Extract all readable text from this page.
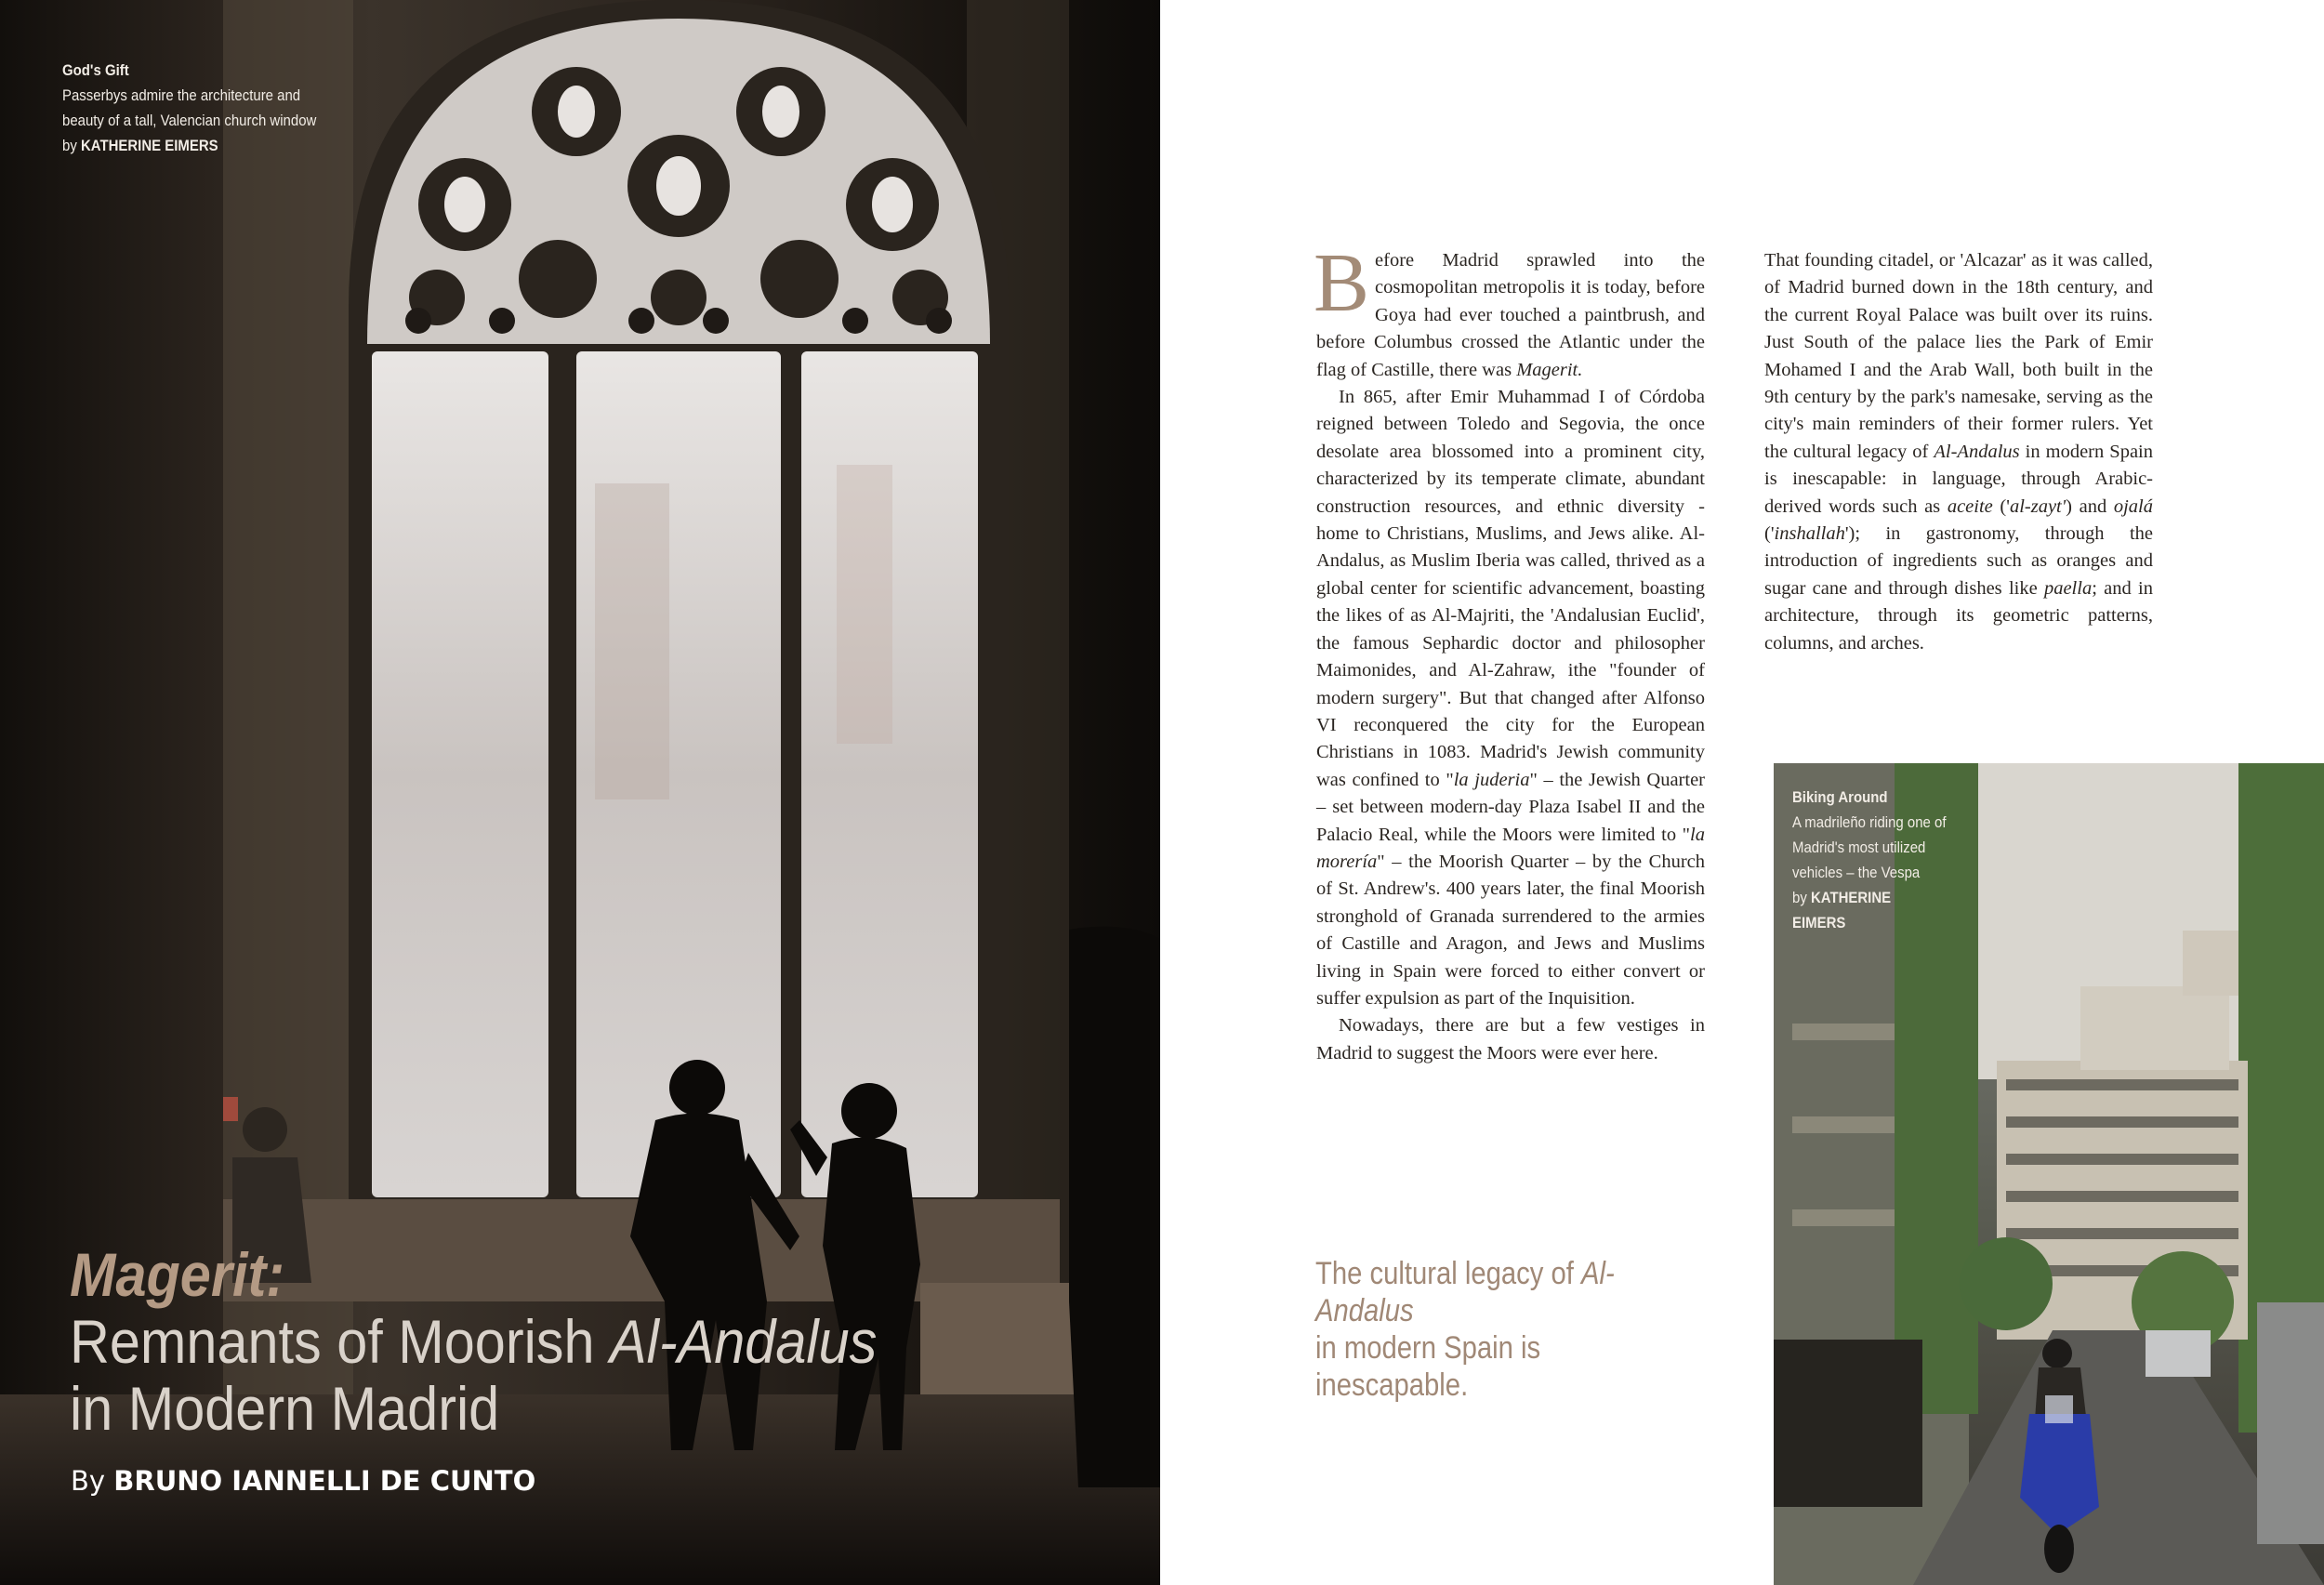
God's Gift
Passerbys admire the architecture and
beauty of a tall, Valencian church window
by KATHERINE EIMERS
Magerit:
Remnants of Moorish Al-Andalus
in Modern Madrid
By BRUNO IANNELLI DE CUNTO

Before Madrid sprawled into the cosmopolitan metropolis it is today, before Goya had ever touched a paintbrush, and before Columbus crossed the Atlantic under the flag of Castille, there was Magerit.

In 865, after Emir Muhammad I of Córdoba reigned between Toledo and Segovia, the once desolate area blossomed into a prominent city, characterized by its temperate climate, abundant construction resources, and ethnic diversity - home to Christians, Muslims, and Jews alike. Al-Andalus, as Muslim Iberia was called, thrived as a global center for scientific advancement, boasting the likes of as Al-Majriti, the 'Andalusian Euclid', the famous Sephardic doctor and philosopher Maimonides, and Al-Zahraw, ithe "founder of modern surgery". But that changed after Alfonso VI reconquered the city for the European Christians in 1083. Madrid's Jewish community was confined to "la juderia" – the Jewish Quarter – set between modern-day Plaza Isabel II and the Palacio Real, while the Moors were limited to "la morería" – the Moorish Quarter – by the Church of St. Andrew's. 400 years later, the final Moorish stronghold of Granada surrendered to the armies of Castille and Aragon, and Jews and Muslims living in Spain were forced to either convert or suffer expulsion as part of the Inquisition.

Nowadays, there are but a few vestiges in Madrid to suggest the Moors were ever here.

That founding citadel, or 'Alcazar' as it was called, of Madrid burned down in the 18th century, and the current Royal Palace was built over its ruins. Just South of the palace lies the Park of Emir Mohamed I and the Arab Wall, both built in the 9th century by the park's namesake, serving as the city's main reminders of their former rulers. Yet the cultural legacy of Al-Andalus in modern Spain is inescapable: in language, through Arabic-derived words such as aceite ('al-zayt') and ojalá ('inshallah'); in gastronomy, through the introduction of ingredients such as oranges and sugar cane and through dishes like paella; and in architecture, through its geometric patterns, columns, and arches.

The cultural legacy of Al-Andalus
in modern Spain is inescapable.
Biking Around
A madrileño riding one of
Madrid's most utilized
vehicles – the Vespa
by KATHERINE EIMERS
